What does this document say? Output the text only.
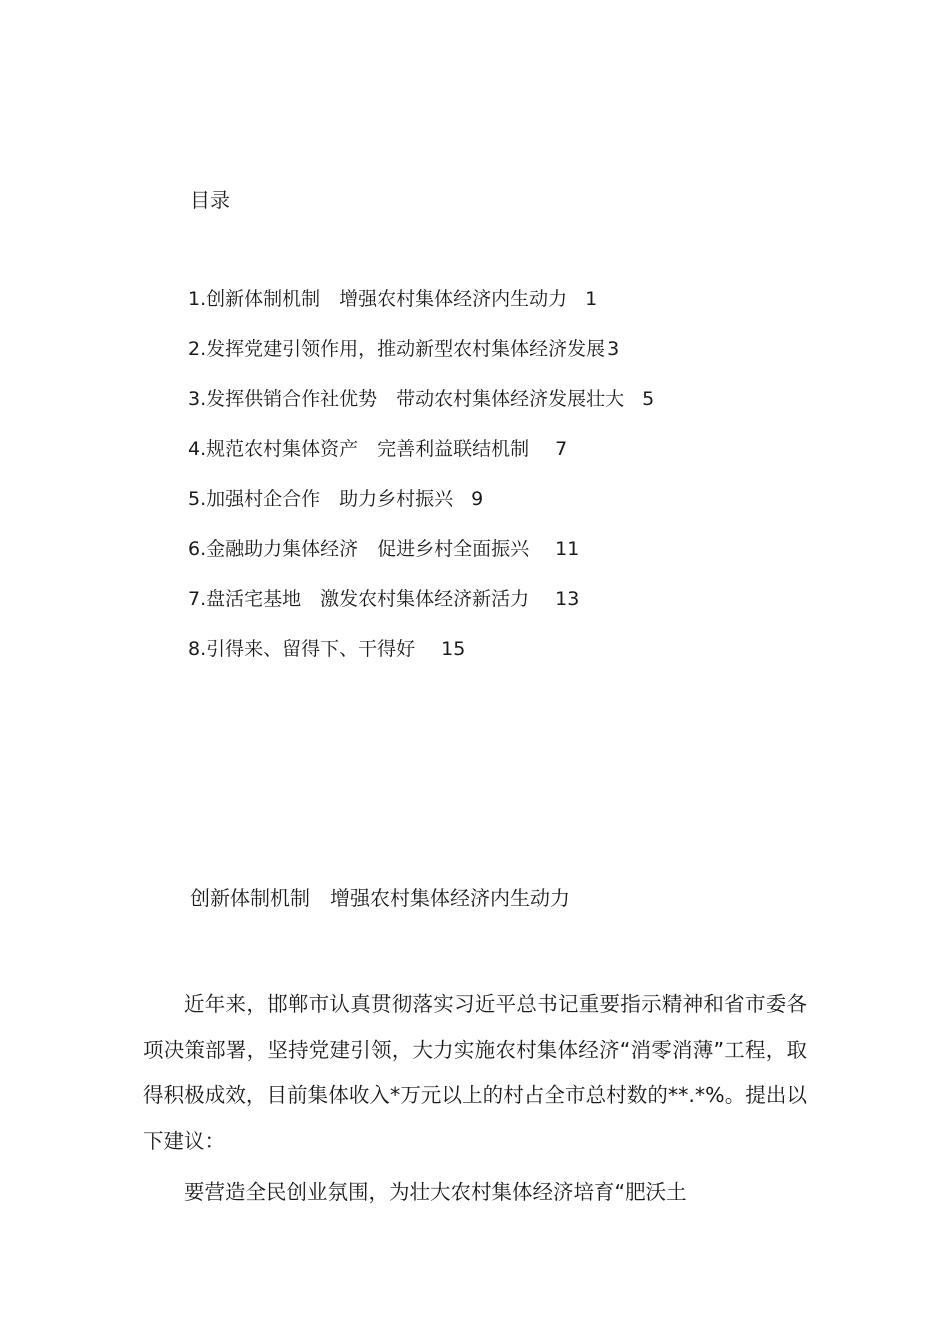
目录
1.创新体制机制　增强农村集体经济内生动力 1
2.发挥党建引领作用，推动新型农村集体经济发展 3
3.发挥供销合作社优势　带动农村集体经济发展壮大 5
4.规范农村集体资产　完善利益联结机制 7
5.加强村企合作　助力乡村振兴 9
6.金融助力集体经济　促进乡村全面振兴 11
7.盘活宅基地　激发农村集体经济新活力 13
8.引得来、留得下、干得好 15
创新体制机制　增强农村集体经济内生动力

近年来，邯郸市认真贯彻落实习近平总书记重要指示精神和省市委各项决策部署，坚持党建引领，大力实施农村集体经济“消零消薄”工程，取得积极成效，目前集体收入*万元以上的村占全市总村数的**.*%。提出以下建议：

要营造全民创业氛围，为壮大农村集体经济培育“肥沃土
